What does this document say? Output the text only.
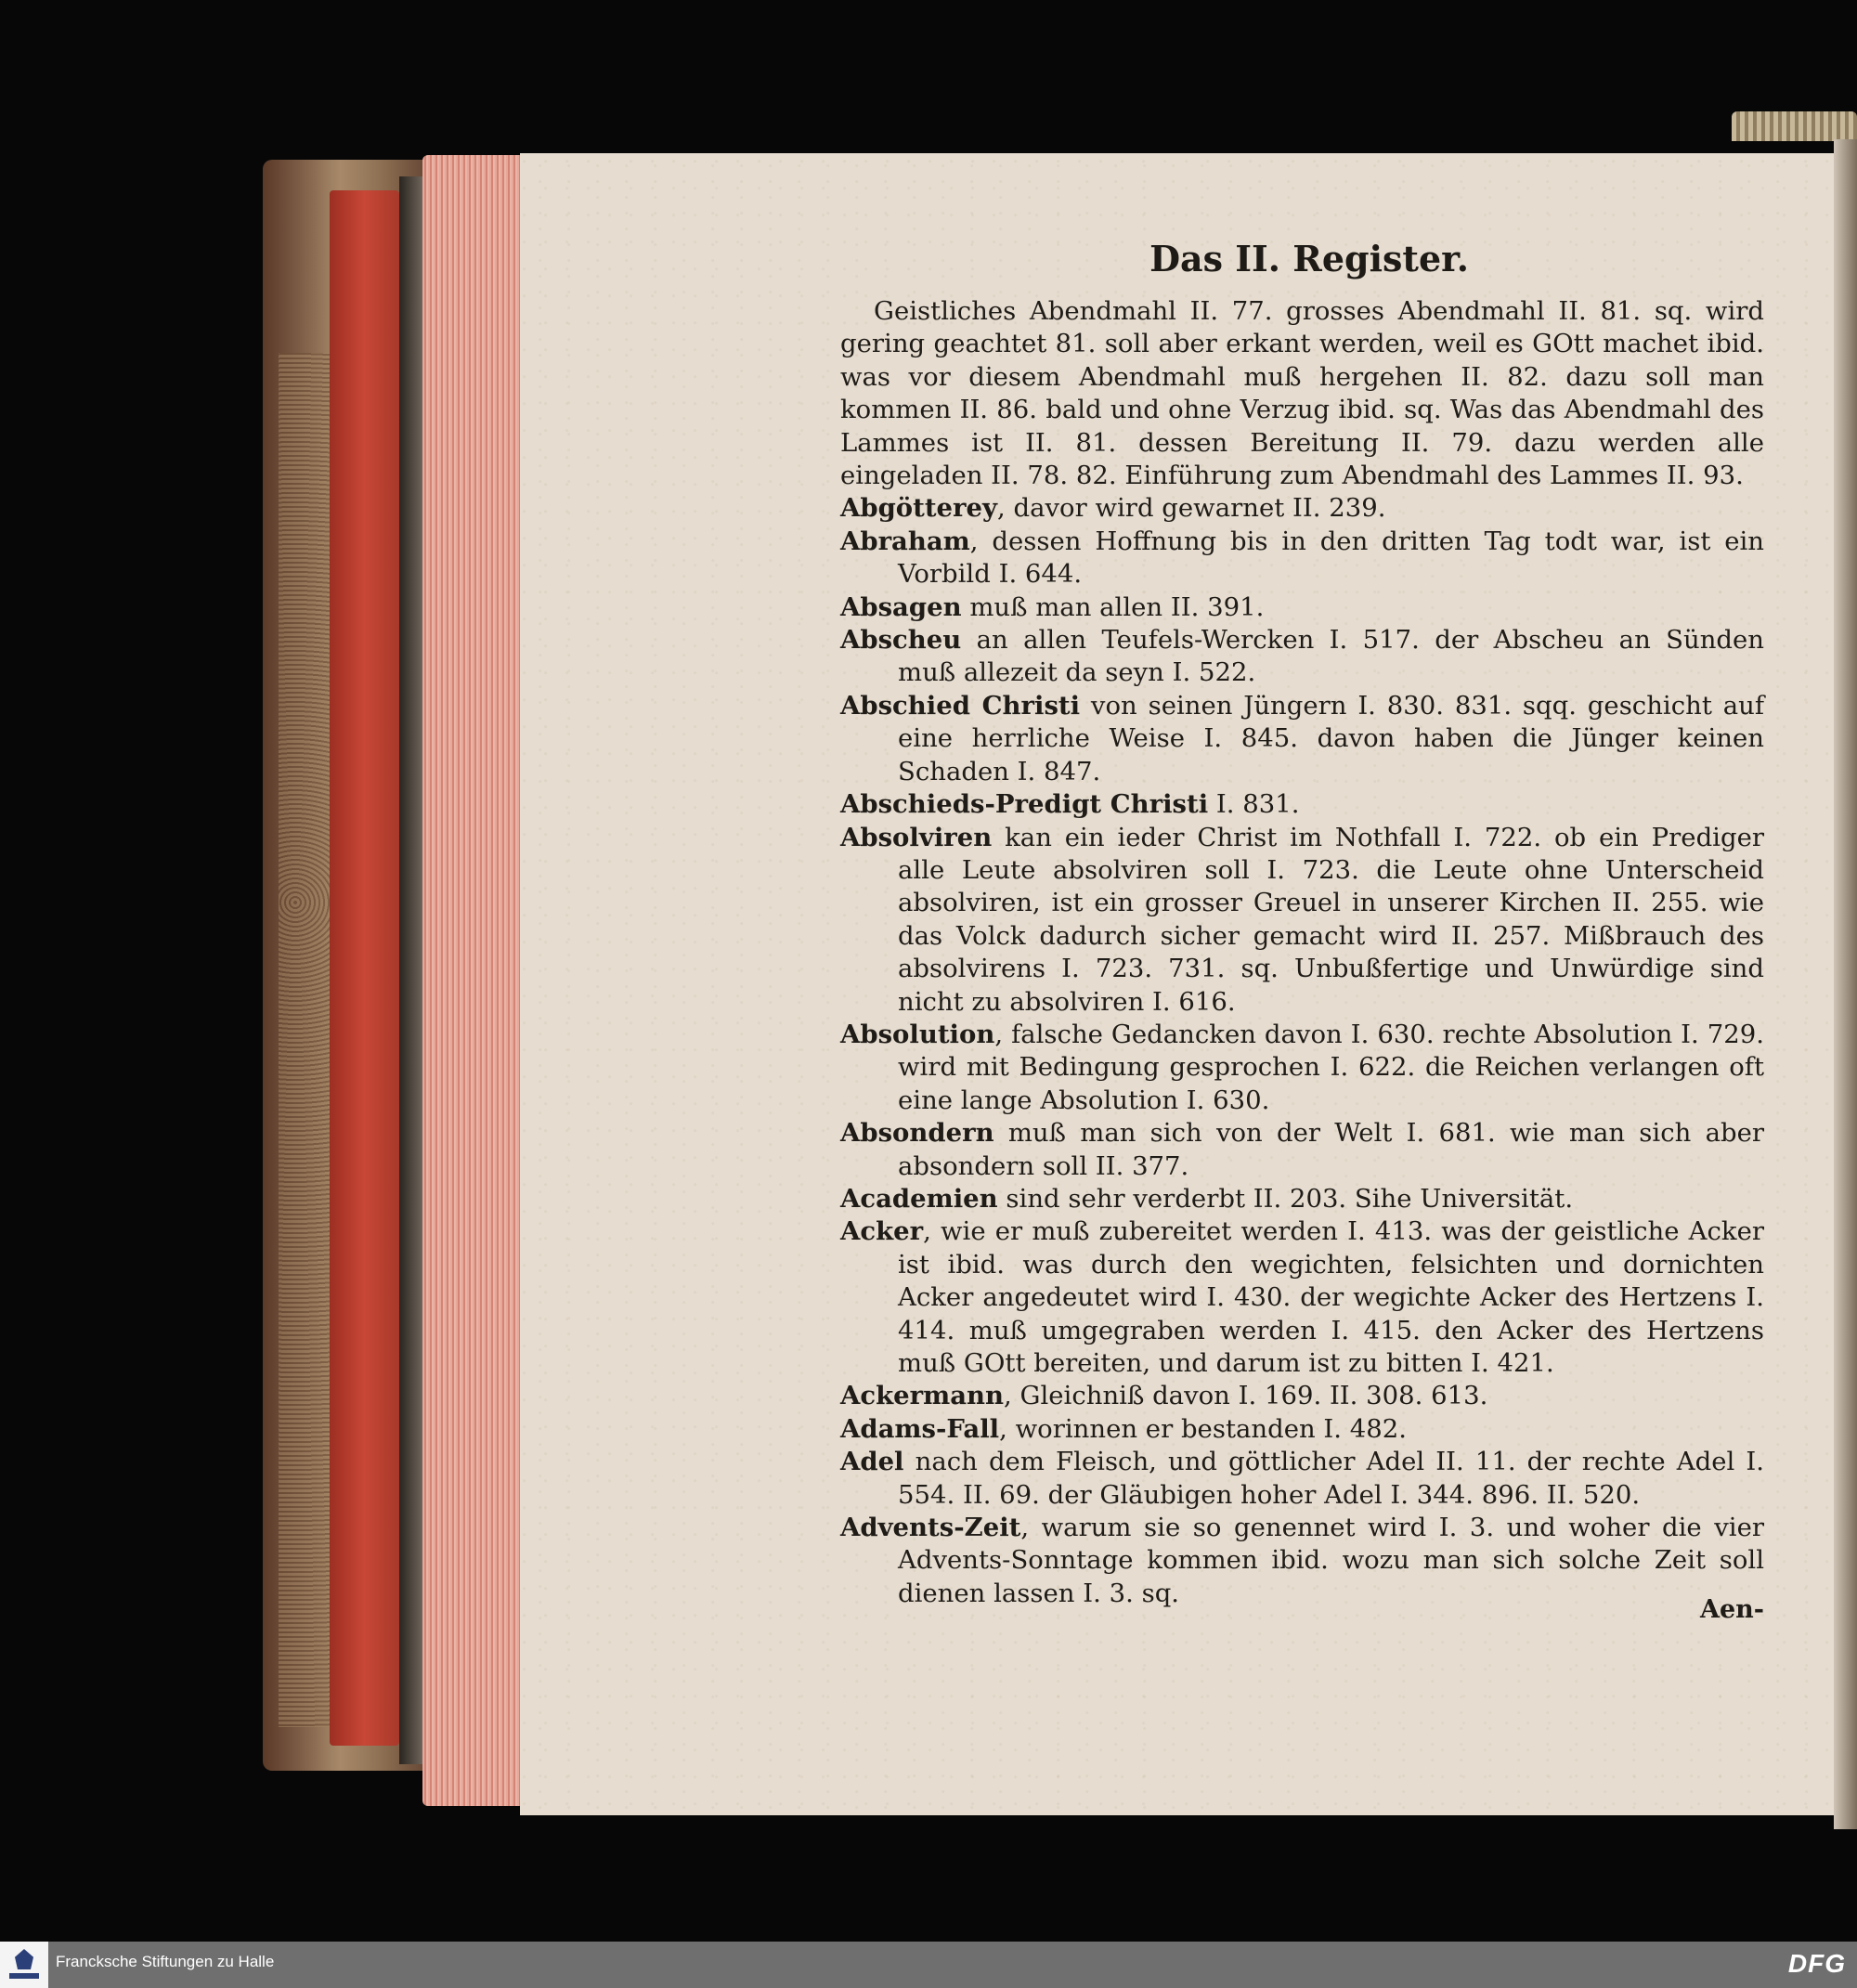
Das II. Register.

Geistliches Abendmahl II. 77. grosses Abendmahl II. 81. sq. wird gering geachtet 81. soll aber erkant werden, weil es GOtt machet ibid. was vor diesem Abendmahl muß hergehen II. 82. dazu soll man kommen II. 86. bald und ohne Verzug ibid. sq. Was das Abendmahl des Lammes ist II. 81. dessen Bereitung II. 79. dazu werden alle eingeladen II. 78. 82. Einführung zum Abendmahl des Lammes II. 93.

Abgötterey, davor wird gewarnet II. 239.

Abraham, dessen Hoffnung bis in den dritten Tag todt war, ist ein Vorbild I. 644.

Absagen muß man allen II. 391.

Abscheu an allen Teufels-Wercken I. 517. der Abscheu an Sünden muß allezeit da seyn I. 522.

Abschied Christi von seinen Jüngern I. 830. 831. sqq. geschicht auf eine herrliche Weise I. 845. davon haben die Jünger keinen Schaden I. 847.

Abschieds-Predigt Christi I. 831.

Absolviren kan ein ieder Christ im Nothfall I. 722. ob ein Prediger alle Leute absolviren soll I. 723. die Leute ohne Unterscheid absolviren, ist ein grosser Greuel in unserer Kirchen II. 255. wie das Volck dadurch sicher gemacht wird II. 257. Mißbrauch des absolvirens I. 723. 731. sq. Unbußfertige und Unwürdige sind nicht zu absolviren I. 616.

Absolution, falsche Gedancken davon I. 630. rechte Absolution I. 729. wird mit Bedingung gesprochen I. 622. die Reichen verlangen oft eine lange Absolution I. 630.

Absondern muß man sich von der Welt I. 681. wie man sich aber absondern soll II. 377.

Academien sind sehr verderbt II. 203. Sihe Universität.

Acker, wie er muß zubereitet werden I. 413. was der geistliche Acker ist ibid. was durch den wegichten, felsichten und dornichten Acker angedeutet wird I. 430. der wegichte Acker des Hertzens I. 414. muß umgegraben werden I. 415. den Acker des Hertzens muß GOtt bereiten, und darum ist zu bitten I. 421.

Ackermann, Gleichniß davon I. 169. II. 308. 613.

Adams-Fall, worinnen er bestanden I. 482.

Adel nach dem Fleisch, und göttlicher Adel II. 11. der rechte Adel I. 554. II. 69. der Gläubigen hoher Adel I. 344. 896. II. 520.

Advents-Zeit, warum sie so genennet wird I. 3. und woher die vier Advents-Sonntage kommen ibid. wozu man sich solche Zeit soll dienen lassen I. 3. sq.

Aen-

Francksche Stiftungen zu Halle	DFG
